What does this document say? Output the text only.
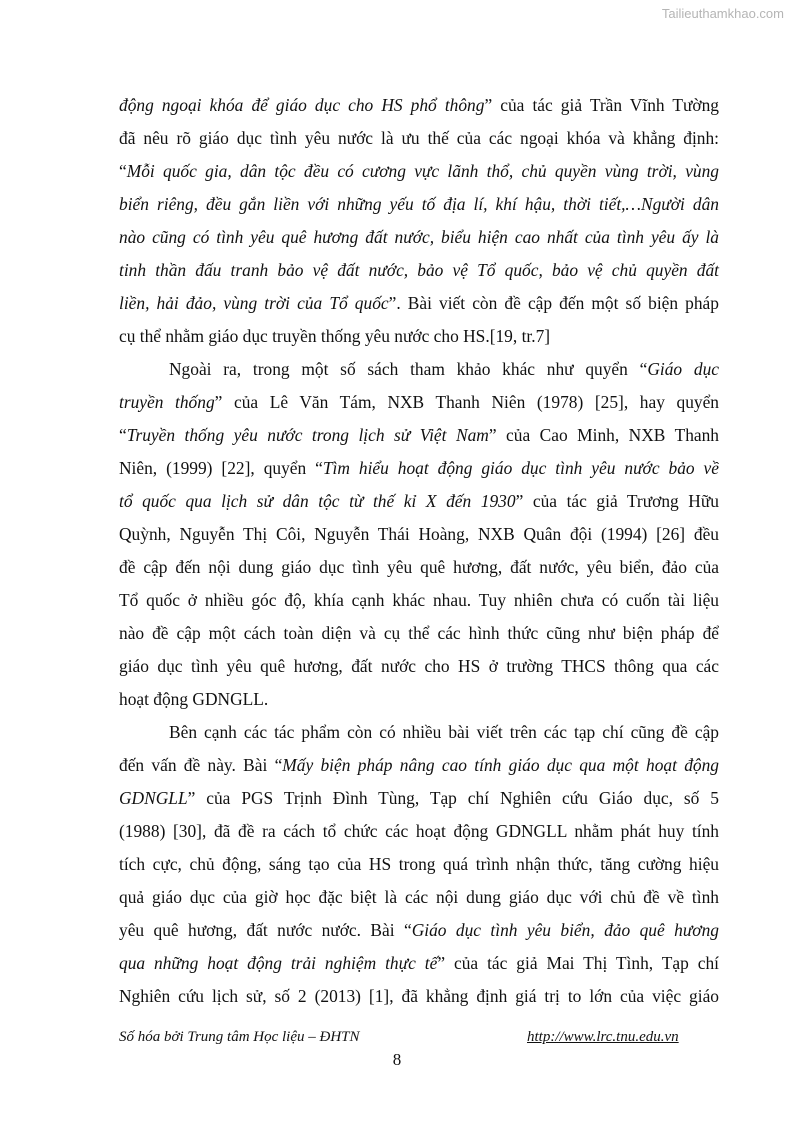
Tailieuthamkhao.com
động ngoại khóa để giáo dục cho HS phổ thông” của tác giả Trần Vĩnh Tường
đã nêu rõ giáo dục tình yêu nước là ưu thế của các ngoại khóa và khẳng định:
“Mỗi quốc gia, dân tộc đều có cương vực lãnh thổ, chủ quyền vùng trời, vùng
biển riêng, đều gắn liền với những yếu tố địa lí, khí hậu, thời tiết,…Người dân
nào cũng có tình yêu quê hương đất nước, biểu hiện cao nhất của tình yêu ấy là
tinh thần đấu tranh bảo vệ đất nước, bảo vệ Tổ quốc, bảo vệ chủ quyền đất
liền, hải đảo, vùng trời của Tổ quốc”. Bài viết còn đề cập đến một số biện pháp
cụ thể nhằm giáo dục truyền thống yêu nước cho HS.[19, tr.7]
Ngoài ra, trong một số sách tham khảo khác như quyển “Giáo dục
truyền thống” của Lê Văn Tám, NXB Thanh Niên (1978) [25], hay quyển
“Truyền thống yêu nước trong lịch sử Việt Nam” của Cao Minh, NXB Thanh
Niên, (1999) [22], quyển “Tìm hiểu hoạt động giáo dục tình yêu nước bảo về
tổ quốc qua lịch sử dân tộc từ thế kỉ X đến 1930” của tác giả Trương Hữu
Quỳnh, Nguyễn Thị Côi, Nguyễn Thái Hoàng, NXB Quân đội (1994) [26] đều
đề cập đến nội dung giáo dục tình yêu quê hương, đất nước, yêu biển, đảo của
Tổ quốc ở nhiều góc độ, khía cạnh khác nhau. Tuy nhiên chưa có cuốn tài liệu
nào đề cập một cách toàn diện và cụ thể các hình thức cũng như biện pháp để
giáo dục tình yêu quê hương, đất nước cho HS ở trường THCS thông qua các
hoạt động GDNGLL.
Bên cạnh các tác phẩm còn có nhiều bài viết trên các tạp chí cũng đề cập
đến vấn đề này. Bài “Mấy biện pháp nâng cao tính giáo dục qua một hoạt động
GDNGLL” của PGS Trịnh Đình Tùng, Tạp chí Nghiên cứu Giáo dục, số 5
(1988) [30], đã đề ra cách tổ chức các hoạt động GDNGLL nhằm phát huy tính
tích cực, chủ động, sáng tạo của HS trong quá trình nhận thức, tăng cường hiệu
quả giáo dục của giờ học đặc biệt là các nội dung giáo dục với chủ đề về tình
yêu quê hương, đất nước nước. Bài “Giáo dục tình yêu biển, đảo quê hương
qua những hoạt động trải nghiệm thực tế” của tác giả Mai Thị Tình, Tạp chí
Nghiên cứu lịch sử, số 2 (2013) [1], đã khẳng định giá trị to lớn của việc giáo
Số hóa bởi Trung tâm Học liệu – ĐHTN	http://www.lrc.tnu.edu.vn
8
